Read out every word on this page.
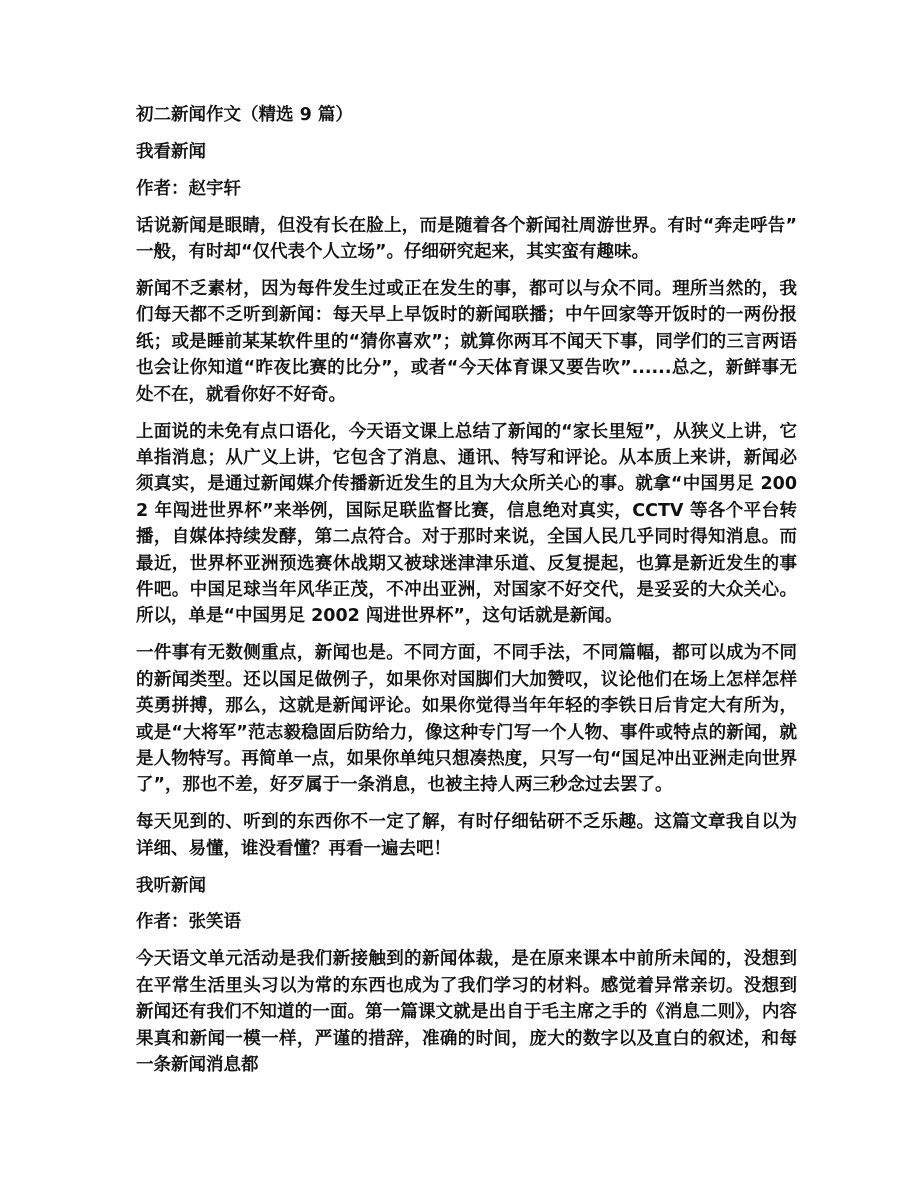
初二新闻作文（精选 9 篇）

我看新闻

作者：赵宇轩

话说新闻是眼睛，但没有长在脸上，而是随着各个新闻社周游世界。有时“奔走呼告”一般，有时却“仅代表个人立场”。仔细研究起来，其实蛮有趣味。

新闻不乏素材，因为每件发生过或正在发生的事，都可以与众不同。理所当然的，我们每天都不乏听到新闻：每天早上早饭时的新闻联播；中午回家等开饭时的一两份报纸；或是睡前某某软件里的“猜你喜欢”；就算你两耳不闻天下事，同学们的三言两语也会让你知道“昨夜比赛的比分”，或者“今天体育课又要告吹”......总之，新鲜事无处不在，就看你好不好奇。

上面说的未免有点口语化，今天语文课上总结了新闻的“家长里短”，从狭义上讲，它单指消息；从广义上讲，它包含了消息、通讯、特写和评论。从本质上来讲，新闻必须真实，是通过新闻媒介传播新近发生的且为大众所关心的事。就拿“中国男足 2002 年闯进世界杯”来举例，国际足联监督比赛，信息绝对真实，CCTV 等各个平台转播，自媒体持续发酵，第二点符合。对于那时来说，全国人民几乎同时得知消息。而最近，世界杯亚洲预选赛休战期又被球迷津津乐道、反复提起，也算是新近发生的事件吧。中国足球当年风华正茂，不冲出亚洲，对国家不好交代，是妥妥的大众关心。所以，单是“中国男足 2002 闯进世界杯”，这句话就是新闻。

一件事有无数侧重点，新闻也是。不同方面，不同手法，不同篇幅，都可以成为不同的新闻类型。还以国足做例子，如果你对国脚们大加赞叹，议论他们在场上怎样怎样英勇拼搏，那么，这就是新闻评论。如果你觉得当年年轻的李铁日后肯定大有所为，或是“大将军”范志毅稳固后防给力，像这种专门写一个人物、事件或特点的新闻，就是人物特写。再简单一点，如果你单纯只想凑热度，只写一句“国足冲出亚洲走向世界了”，那也不差，好歹属于一条消息，也被主持人两三秒念过去罢了。

每天见到的、听到的东西你不一定了解，有时仔细钻研不乏乐趣。这篇文章我自以为详细、易懂，谁没看懂？再看一遍去吧！

我听新闻

作者：张笑语

今天语文单元活动是我们新接触到的新闻体裁，是在原来课本中前所未闻的，没想到在平常生活里头习以为常的东西也成为了我们学习的材料。感觉着异常亲切。没想到新闻还有我们不知道的一面。第一篇课文就是出自于毛主席之手的《消息二则》，内容果真和新闻一模一样，严谨的措辞，准确的时间，庞大的数字以及直白的叙述，和每一条新闻消息都
